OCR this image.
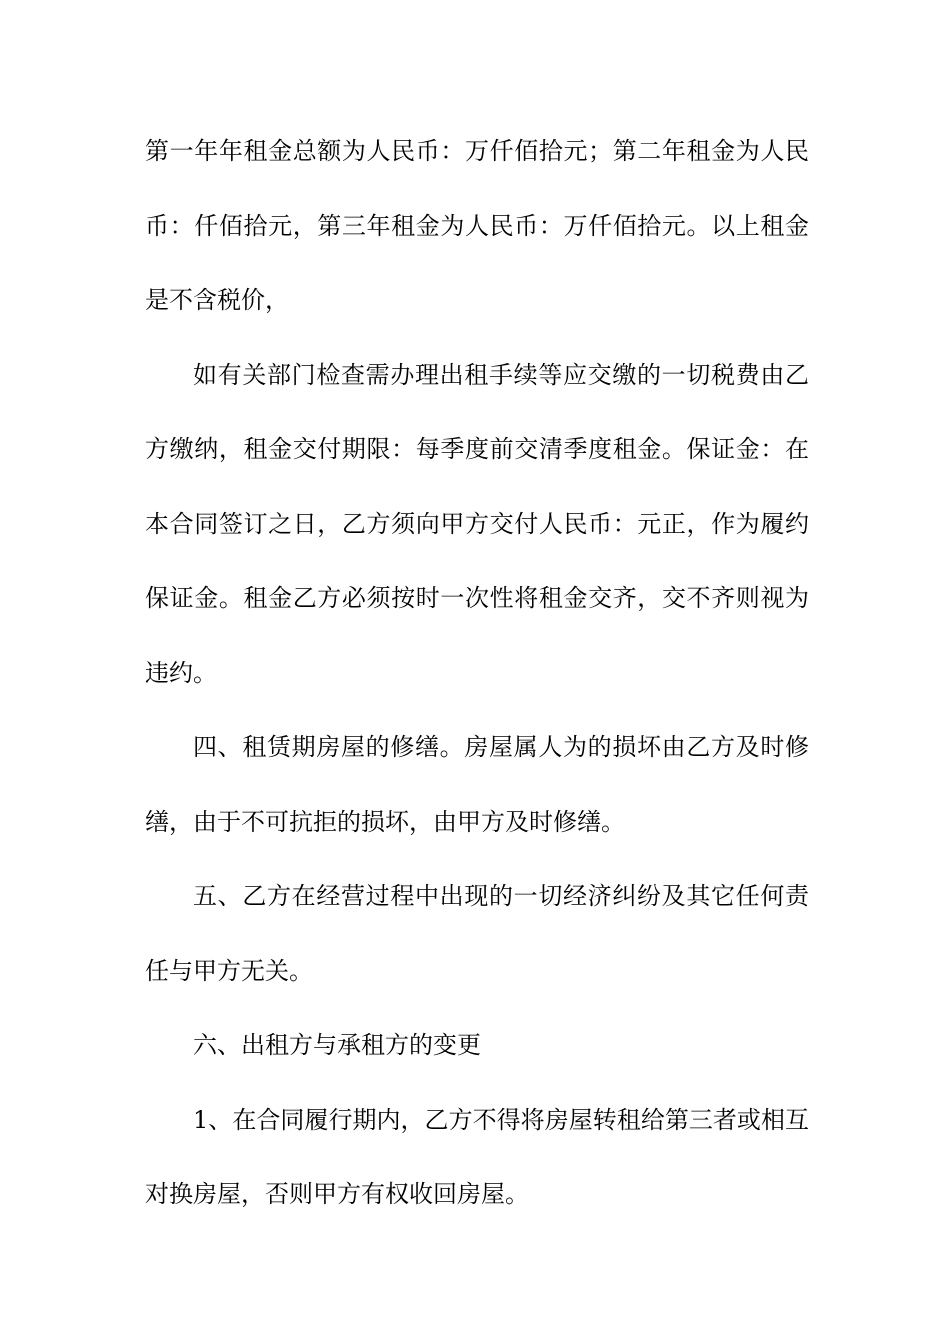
第一年年租金总额为人民币：万仟佰拾元；第二年租金为人民
币：仟佰拾元，第三年租金为人民币：万仟佰拾元。以上租金
是不含税价，
如有关部门检查需办理出租手续等应交缴的一切税费由乙
方缴纳，租金交付期限：每季度前交清季度租金。保证金：在
本合同签订之日，乙方须向甲方交付人民币：元正，作为履约
保证金。租金乙方必须按时一次性将租金交齐，交不齐则视为
违约。
四、租赁期房屋的修缮。房屋属人为的损坏由乙方及时修
缮，由于不可抗拒的损坏，由甲方及时修缮。
五、乙方在经营过程中出现的一切经济纠纷及其它任何责
任与甲方无关。
六、出租方与承租方的变更
1、在合同履行期内，乙方不得将房屋转租给第三者或相互
对换房屋，否则甲方有权收回房屋。
